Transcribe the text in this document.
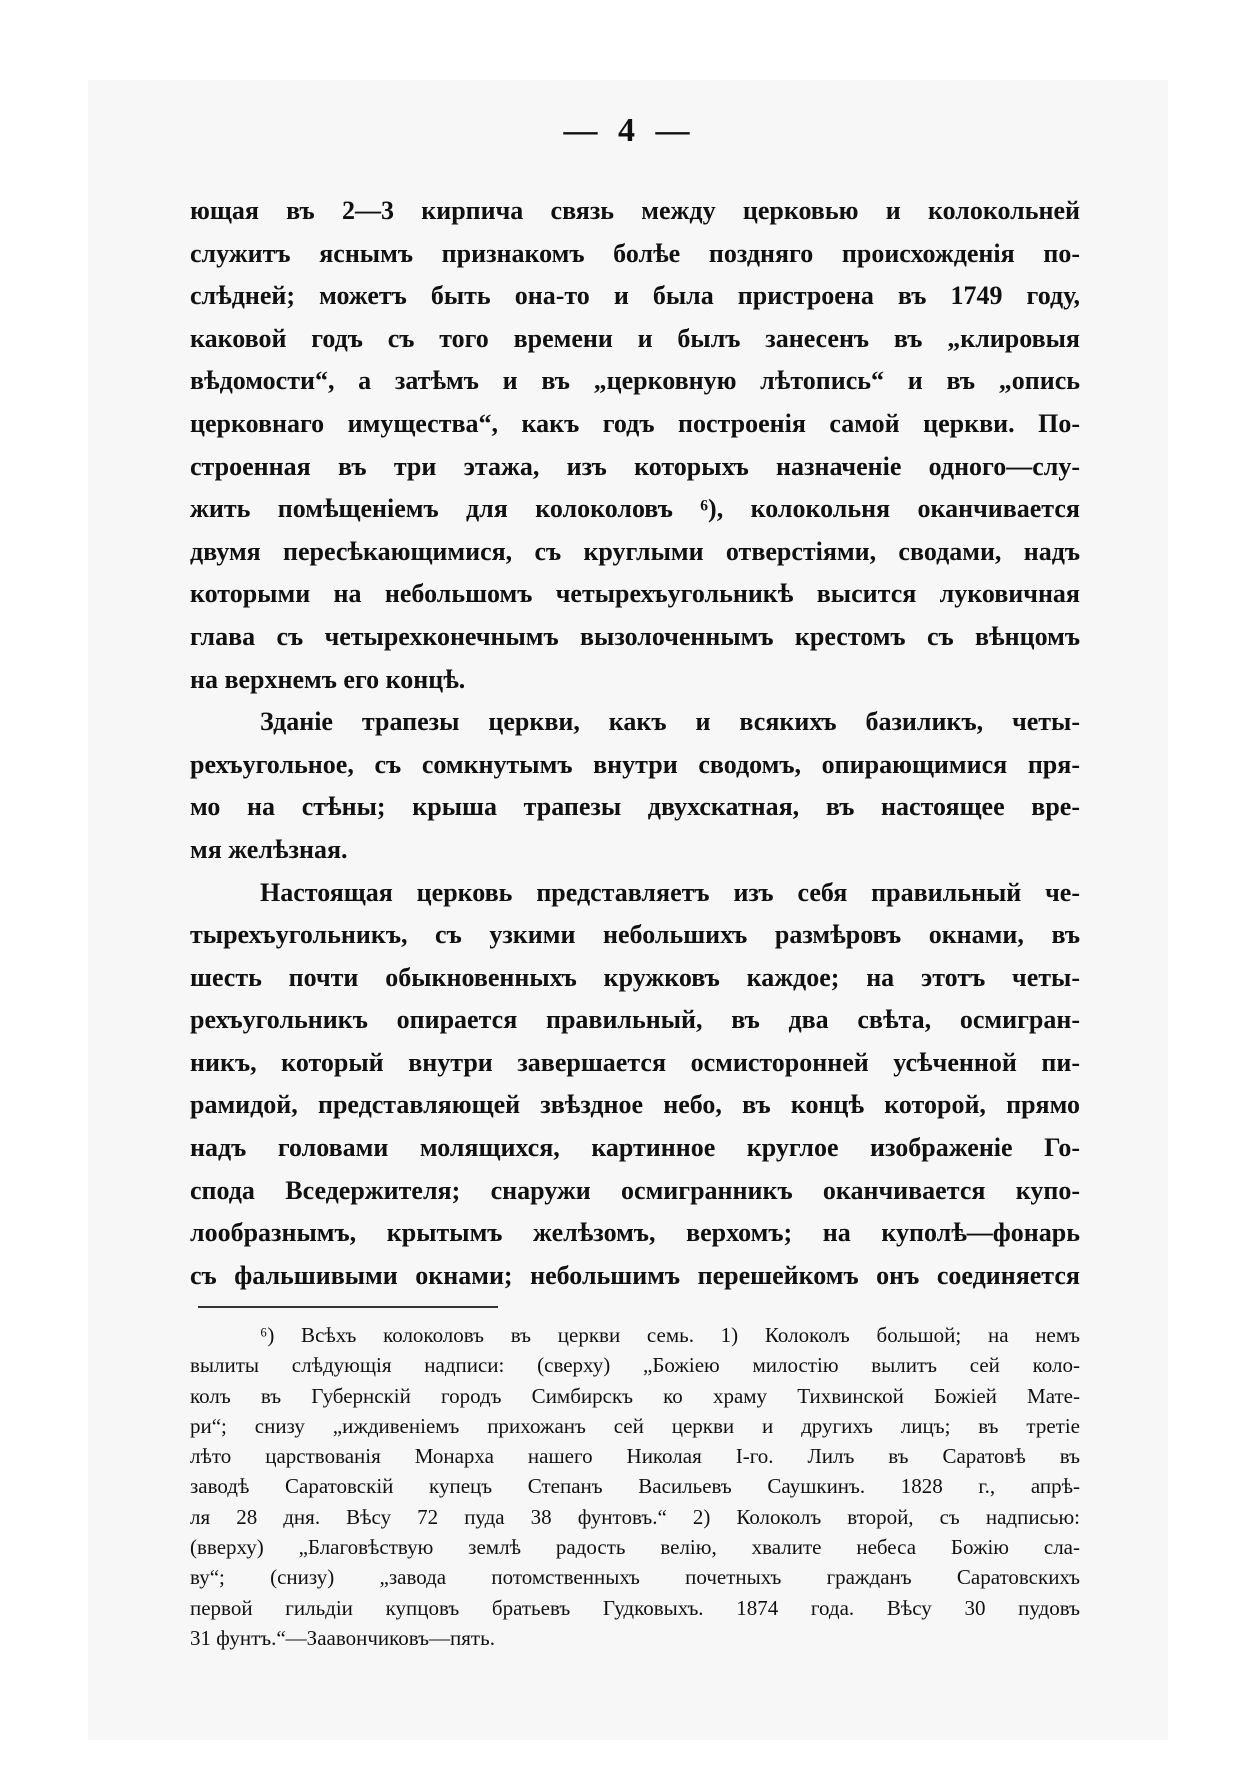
— 4 —

ющая въ 2—3 кирпича связь между церковью и колокольней
служитъ яснымъ признакомъ болѣе поздняго происхожденія по-
слѣдней; можетъ быть она-то и была пристроена въ 1749 году,
каковой годъ съ того времени и былъ занесенъ въ „клировыя
вѣдомости“, а затѣмъ и въ „церковную лѣтопись“ и въ „опись
церковнаго имущества“, какъ годъ построенія самой церкви. По-
строенная въ три этажа, изъ которыхъ назначеніе одного—слу-
жить помѣщеніемъ для колоколовъ ⁶), колокольня оканчивается
двумя пересѣкающимися, съ круглыми отверстіями, сводами, надъ
которыми на небольшомъ четырехъугольникѣ высится луковичная
глава съ четырехконечнымъ вызолоченнымъ крестомъ съ вѣнцомъ
на верхнемъ его концѣ.

Зданіе трапезы церкви, какъ и всякихъ базиликъ, четы-
рехъугольное, съ сомкнутымъ внутри сводомъ, опирающимися пря-
мо на стѣны; крыша трапезы двухскатная, въ настоящее вре-
мя желѣзная.

Настоящая церковь представляетъ изъ себя правильный че-
тырехъугольникъ, съ узкими небольшихъ размѣровъ окнами, въ
шесть почти обыкновенныхъ кружковъ каждое; на этотъ четы-
рехъугольникъ опирается правильный, въ два свѣта, осмигран-
никъ, который внутри завершается осмисторонней усѣченной пи-
рамидой, представляющей звѣздное небо, въ концѣ которой, прямо
надъ головами молящихся, картинное круглое изображеніе Го-
спода Вседержителя; снаружи осмигранникъ оканчивается купо-
лообразнымъ, крытымъ желѣзомъ, верхомъ; на куполѣ—фонарь
съ фальшивыми окнами; небольшимъ перешейкомъ онъ соединяется

⁶) Всѣхъ колоколовъ въ церкви семь. 1) Колоколъ большой; на немъ
вылиты слѣдующія надписи: (сверху) „Божіею милостію вылитъ сей коло-
колъ въ Губернскій городъ Симбирскъ ко храму Тихвинской Божіей Мате-
ри“; снизу „иждивеніемъ прихожанъ сей церкви и другихъ лицъ; въ третіе
лѣто царствованія Монарха нашего Николая I-го. Лилъ въ Саратовѣ въ
заводѣ Саратовскій купецъ Степанъ Васильевъ Саушкинъ. 1828 г., апрѣ-
ля 28 дня. Вѣсу 72 пуда 38 фунтовъ.“ 2) Колоколъ второй, съ надписью:
(вверху) „Благовѣствую землѣ радость велію, хвалите небеса Божію сла-
ву“; (снизу) „завода потомственныхъ почетныхъ гражданъ Саратовскихъ
первой гильдіи купцовъ братьевъ Гудковыхъ. 1874 года. Вѣсу 30 пудовъ
31 фунтъ.“—Заавончиковъ—пять.
